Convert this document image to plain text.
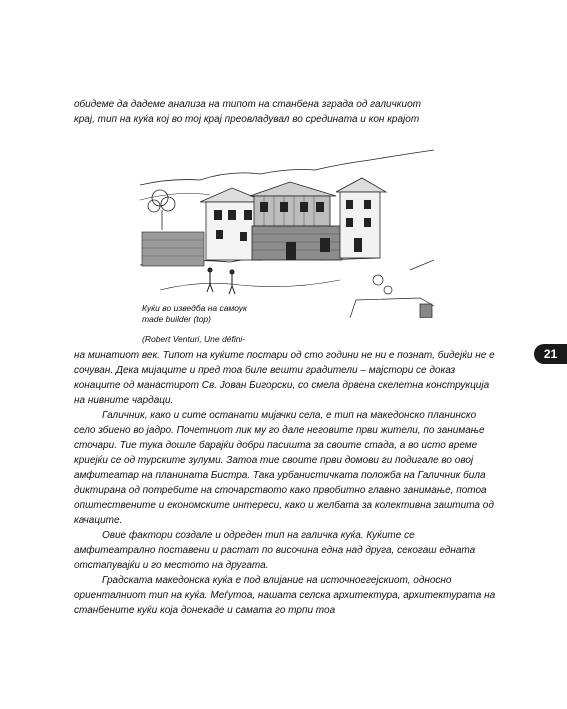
обидеме да дадеме анализа на типот на станбена зграда од галичкиот
крај, тип на куќа кој во тој крај преовладувал во средината и кон крајот
Куќи во изведба на самоук
made builder (top)
(Robert Venturi, Une défini-
21

на минатиот век. Типот на куќите постари од сто години не ни е познат, бидејќи не е сочуван. Дека мијаците и пред тоа биле вешти градители – мајстори се доказ конаците од манастирот Св. Јован Бигорски, со смела дрвена скелетна конструкција на нивните чардаци.

Галичник, како и сите останати мијачки села, е тип на македонско планинско село збиено во јадро. Почетниот лик му го дале неговите први жители, по занимање сточари. Тие тука дошле барајќи добри пасишта за своите стада, а во исто време криејќи се од турските зулуми. Затоа тие своите први домови ги подигале во овој амфитеатар на планината Бистра. Така урбанистичката положба на Галичник била диктирана од потребите на сточарството како првобитно главно занимање, потоа општествените и економските интереси, како и желбата за колективна заштита од качаците.

Овие фактори создале и одреден тип на галичка куќа. Куќите се амфитеатрално поставени и растат по височина една над друга, секогаш едната отстапувајќи и го местото на другата.

Градската македонска куќа е под влијание на источноегејскиот, односно ориенталниот тип на куќа. Меѓутоа, нашата селска архитектура, архитектурата на станбените куќи која донекаде и самата го трпи тоа
